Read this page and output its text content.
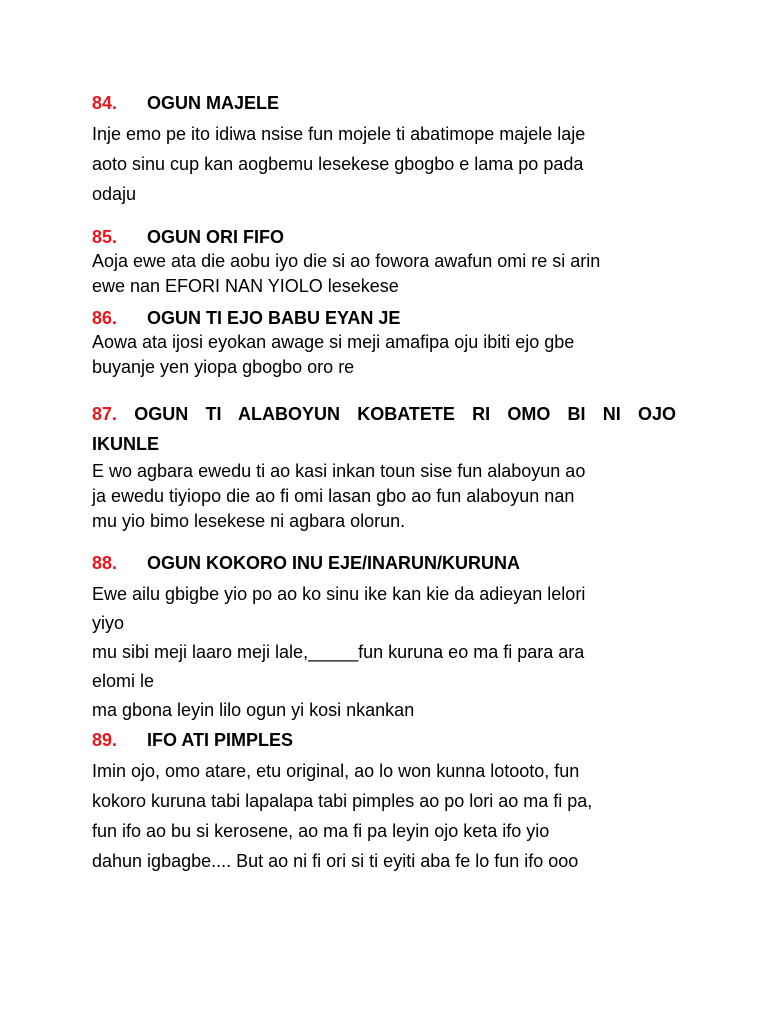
84. OGUN MAJELE
Inje emo pe ito idiwa nsise fun mojele ti abatimope majele laje
aoto sinu cup kan aogbemu lesekese gbogbo e lama po pada
odaju
85. OGUN ORI FIFO
Aoja ewe ata die aobu iyo die si ao fowora awafun omi re si arin
ewe nan EFORI NAN YIOLO lesekese
86. OGUN TI EJO BABU EYAN JE
Aowa ata ijosi eyokan awage si meji amafipa oju ibiti ejo gbe
buyanje yen yiopa gbogbo oro re
87. OGUN TI ALABOYUN KOBATETE RI OMO BI NI OJO
IKUNLE
E wo agbara ewedu ti ao kasi inkan toun sise fun alaboyun ao
ja ewedu tiyiopo die ao fi omi lasan gbo ao fun alaboyun nan
mu yio bimo lesekese ni agbara olorun.
88. OGUN KOKORO INU EJE/INARUN/KURUNA
Ewe ailu gbigbe yio po ao ko sinu ike kan kie da adieyan lelori
yiyo
mu sibi meji laaro meji lale,_____fun kuruna eo ma fi para ara
elomi le
ma gbona leyin lilo ogun yi kosi nkankan
89. IFO ATI PIMPLES
Imin ojo, omo atare, etu original, ao lo won kunna lotooto, fun
kokoro kuruna tabi lapalapa tabi pimples ao po lori ao ma fi pa,
fun ifo ao bu si kerosene, ao ma fi pa leyin ojo keta ifo yio
dahun igbagbe.... But ao ni fi ori si ti eyiti aba fe lo fun ifo ooo
